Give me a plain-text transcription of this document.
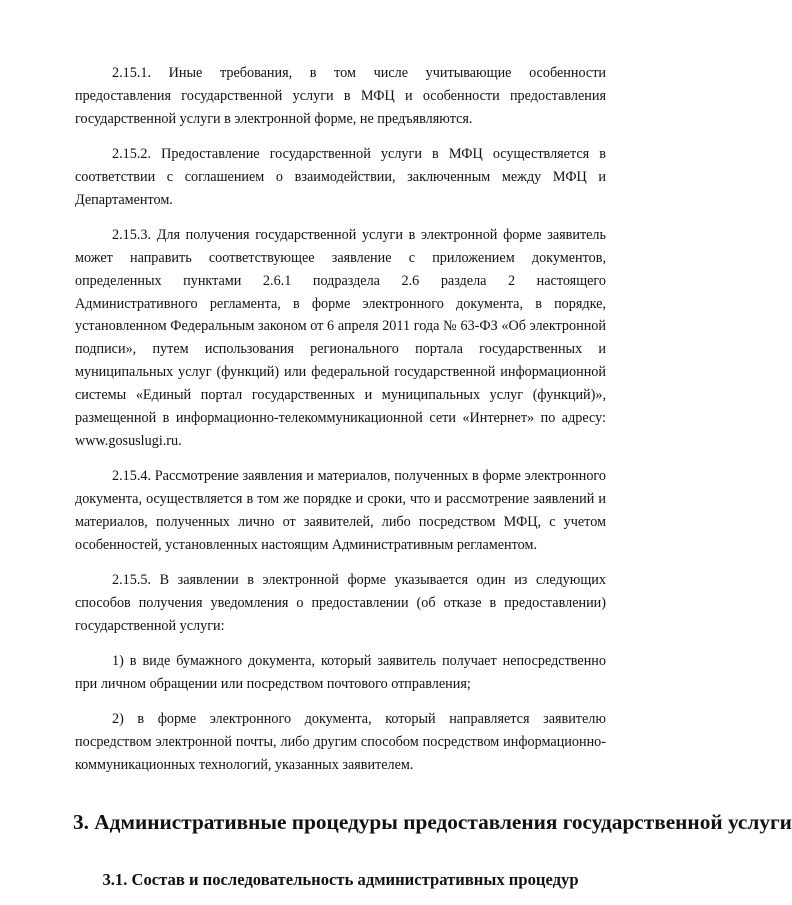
2.15.1. Иные требования, в том числе учитывающие особенности предоставления государственной услуги в МФЦ и особенности предоставления государственной услуги в электронной форме, не предъявляются.

2.15.2. Предоставление государственной услуги в МФЦ осуществляется в соответствии с соглашением о взаимодействии, заключенным между МФЦ и Департаментом.

2.15.3. Для получения государственной услуги в электронной форме заявитель может направить соответствующее заявление с приложением документов, определенных пунктами 2.6.1 подраздела 2.6 раздела 2 настоящего Административного регламента, в форме электронного документа, в порядке, установленном Федеральным законом от 6 апреля 2011 года № 63-ФЗ «Об электронной подписи», путем использования регионального портала государственных и муниципальных услуг (функций) или федеральной государственной информационной системы «Единый портал государственных и муниципальных услуг (функций)», размещенной в информационно-телекоммуникационной сети «Интернет» по адресу: www.gosuslugi.ru.

2.15.4. Рассмотрение заявления и материалов, полученных в форме электронного документа, осуществляется в том же порядке и сроки, что и рассмотрение заявлений и материалов, полученных лично от заявителей, либо посредством МФЦ, с учетом особенностей, установленных настоящим Административным регламентом.

2.15.5. В заявлении в электронной форме указывается один из следующих способов получения уведомления о предоставлении (об отказе в предоставлении) государственной услуги:

1) в виде бумажного документа, который заявитель получает непосредственно при личном обращении или посредством почтового отправления;

2) в форме электронного документа, который направляется заявителю посредством электронной почты, либо другим способом посредством информационно-коммуникационных технологий, указанных заявителем.

3. Административные процедуры предоставления государственной услуги
3.1. Состав и последовательность административных процедур
